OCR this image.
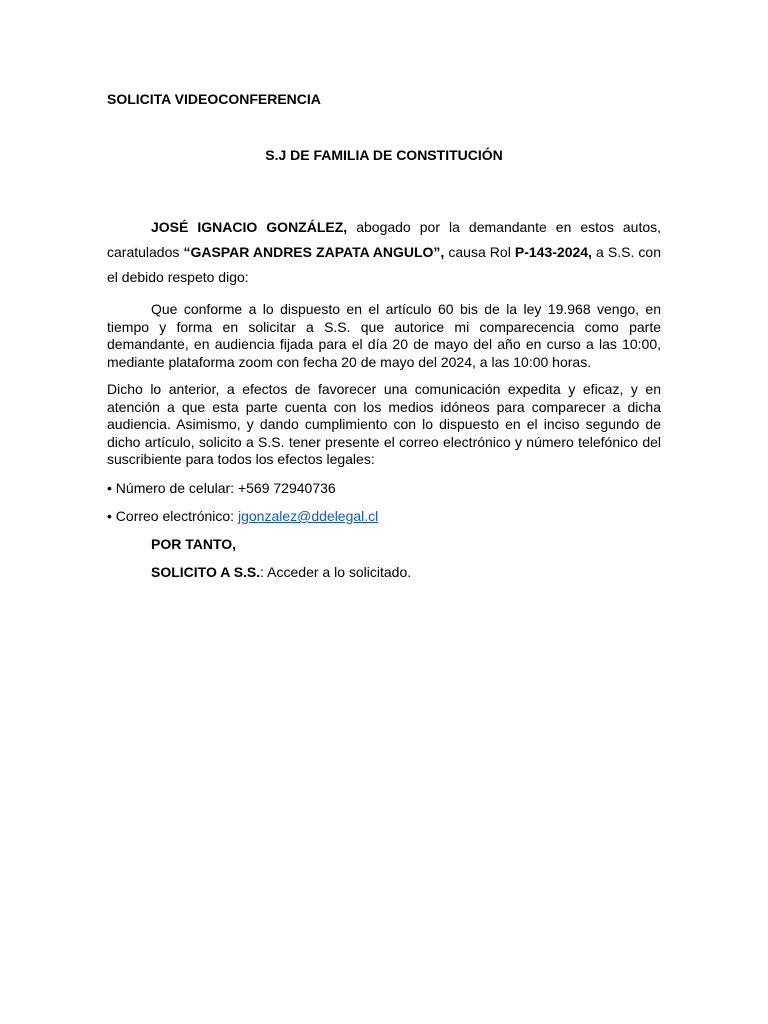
SOLICITA VIDEOCONFERENCIA
S.J DE FAMILIA DE CONSTITUCIÓN
JOSÉ IGNACIO GONZÁLEZ, abogado por la demandante en estos autos, caratulados “GASPAR ANDRES ZAPATA ANGULO”, causa Rol P-143-2024, a S.S. con el debido respeto digo:
Que conforme a lo dispuesto en el artículo 60 bis de la ley 19.968 vengo, en tiempo y forma en solicitar a S.S. que autorice mi comparecencia como parte demandante, en audiencia fijada para el día 20 de mayo del año en curso a las 10:00, mediante plataforma zoom con fecha 20 de mayo del 2024, a las 10:00 horas.
Dicho lo anterior, a efectos de favorecer una comunicación expedita y eficaz, y en atención a que esta parte cuenta con los medios idóneos para comparecer a dicha audiencia. Asimismo, y dando cumplimiento con lo dispuesto en el inciso segundo de dicho artículo, solicito a S.S. tener presente el correo electrónico y número telefónico del suscribiente para todos los efectos legales:
• Número de celular: +569 72940736
• Correo electrónico: jgonzalez@ddelegal.cl
POR TANTO,
SOLICITO A S.S.: Acceder a lo solicitado.
